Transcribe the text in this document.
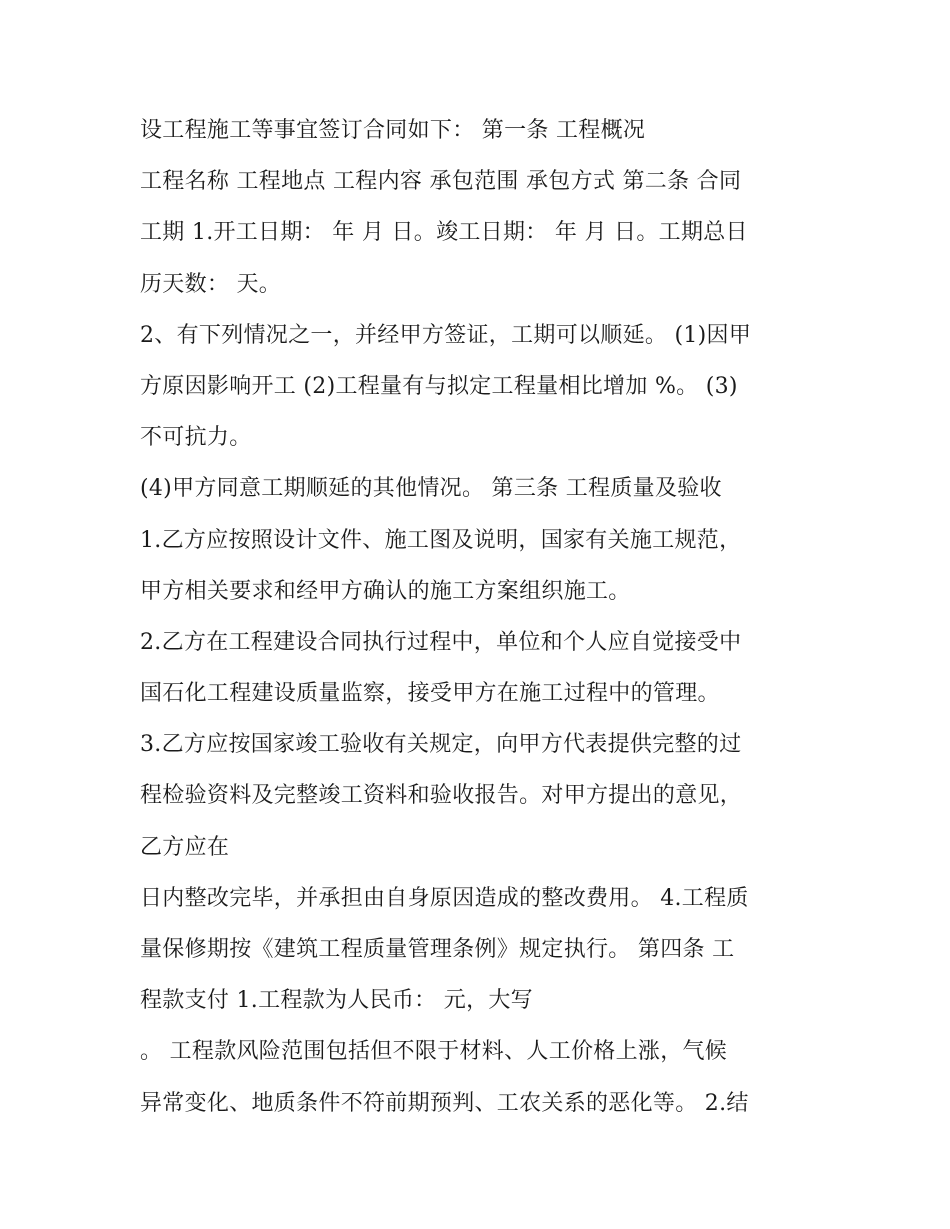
设工程施工等事宜签订合同如下： 第一条 工程概况
工程名称 工程地点 工程内容 承包范围 承包方式 第二条 合同
工期 1.开工日期： 年 月 日。竣工日期： 年 月 日。工期总日
历天数： 天。
2、有下列情况之一，并经甲方签证，工期可以顺延。 (1)因甲
方原因影响开工 (2)工程量有与拟定工程量相比增加 %。 (3)
不可抗力。
(4)甲方同意工期顺延的其他情况。 第三条 工程质量及验收
1.乙方应按照设计文件、施工图及说明，国家有关施工规范，
甲方相关要求和经甲方确认的施工方案组织施工。
2.乙方在工程建设合同执行过程中，单位和个人应自觉接受中
国石化工程建设质量监察，接受甲方在施工过程中的管理。
3.乙方应按国家竣工验收有关规定，向甲方代表提供完整的过
程检验资料及完整竣工资料和验收报告。对甲方提出的意见，
乙方应在
日内整改完毕，并承担由自身原因造成的整改费用。 4.工程质
量保修期按《建筑工程质量管理条例》规定执行。 第四条 工
程款支付 1.工程款为人民币： 元，大写
。 工程款风险范围包括但不限于材料、人工价格上涨，气候
异常变化、地质条件不符前期预判、工农关系的恶化等。 2.结
